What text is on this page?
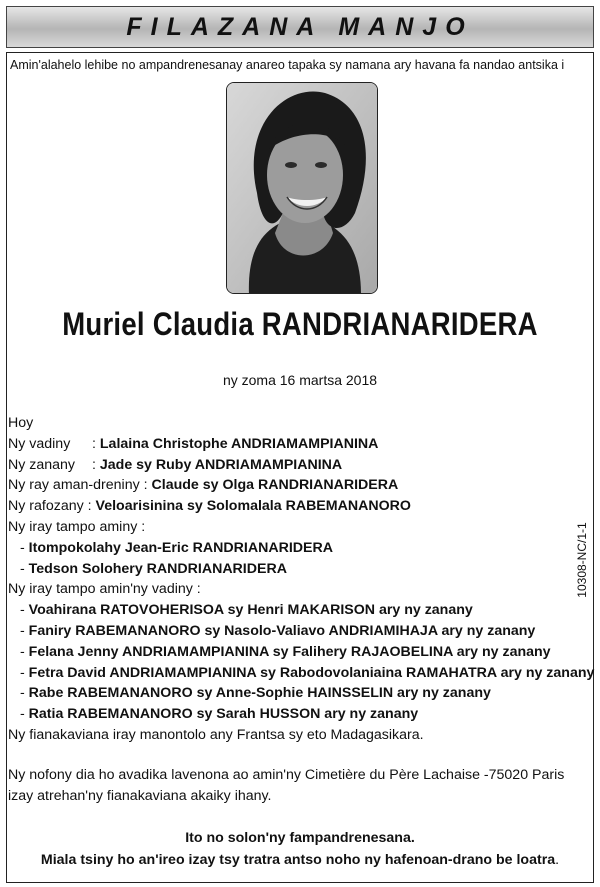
FILAZANA MANJO
Amin'alahelo lehibe no ampandrenesanay anareo tapaka sy namana ary havana fa nandao antsika i
Muriel Claudia RANDRIANARIDERA
ny zoma 16 martsa 2018
Hoy
Ny vadiny : Lalaina Christophe ANDRIAMAMPIANINA
Ny zanany : Jade sy Ruby ANDRIAMAMPIANINA
Ny ray aman-dreniny : Claude sy Olga RANDRIANARIDERA
Ny rafozany : Veloarisinina sy Solomalala RABEMANANORO
Ny iray tampo aminy :
- Itompokolahy Jean-Eric RANDRIANARIDERA
- Tedson Solohery RANDRIANARIDERA
Ny iray tampo amin'ny vadiny :
- Voahirana RATOVOHERISOA sy Henri MAKARISON ary ny zanany
- Faniry RABEMANANORO sy Nasolo-Valiavo ANDRIAMIHAJA ary ny zanany
- Felana Jenny ANDRIAMAMPIANINA sy Falihery RAJAOBELINA ary ny zanany
- Fetra David ANDRIAMAMPIANINA sy Rabodovolaniaina RAMAHATRA ary ny zanany
- Rabe RABEMANANORO sy Anne-Sophie HAINSSELIN ary ny zanany
- Ratia RABEMANANORO sy Sarah HUSSON ary ny zanany
Ny fianakaviana iray manontolo any Frantsa sy eto Madagasikara.
Ny nofony dia ho avadika lavenona ao amin'ny Cimetière du Père Lachaise -75020 Paris izay atrehan'ny fianakaviana akaiky ihany.
Ito no solon'ny fampandrenesana.
Miala tsiny ho an'ireo izay tsy tratra antso noho ny hafenoan-drano be loatra.
10308-NC/1-1
